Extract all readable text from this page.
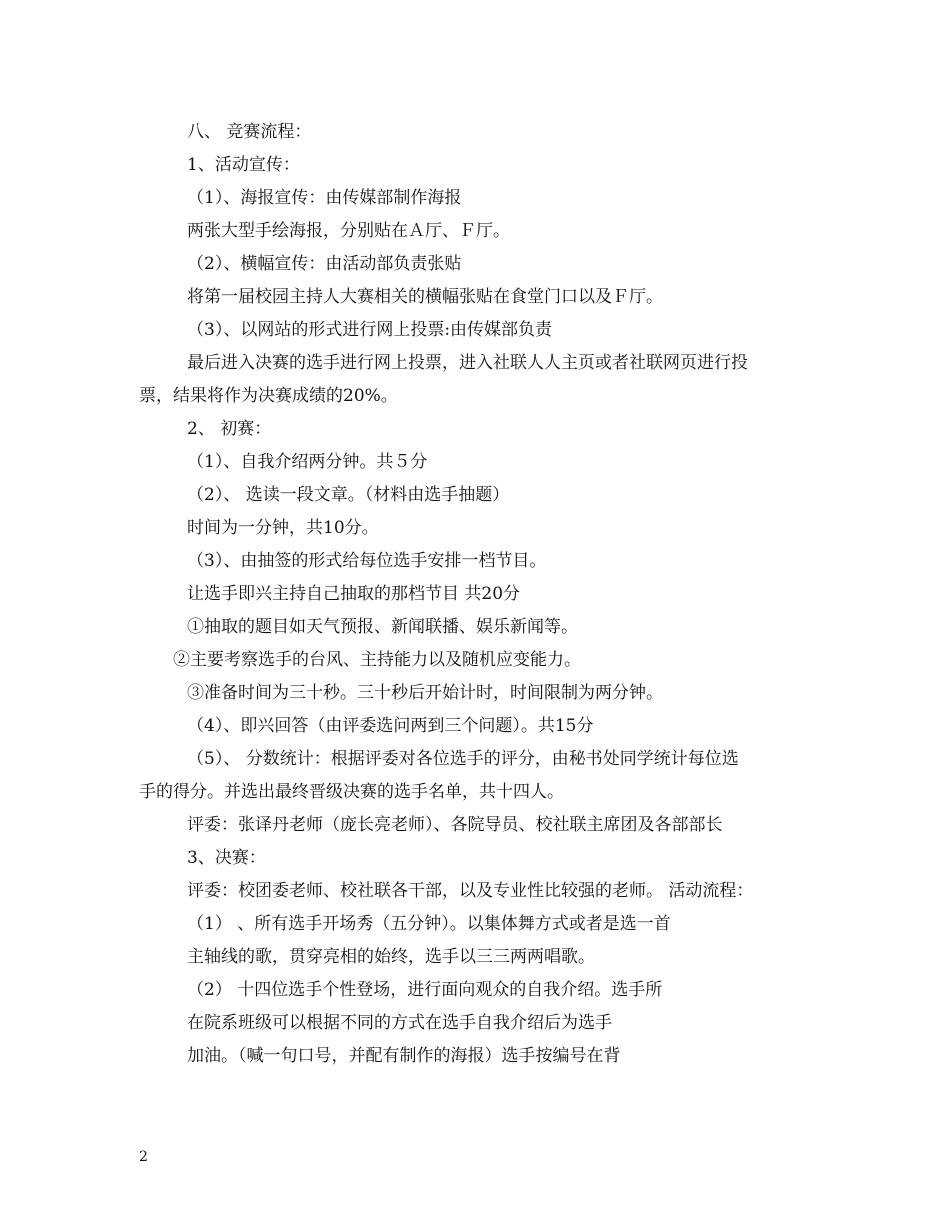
八、 竞赛流程：
1、活动宣传：
（1）、海报宣传：由传媒部制作海报
两张大型手绘海报，分别贴在Ａ厅、Ｆ厅。
（2）、横幅宣传：由活动部负责张贴
将第一届校园主持人大赛相关的横幅张贴在食堂门口以及Ｆ厅。
（3）、以网站的形式进行网上投票:由传媒部负责
最后进入决赛的选手进行网上投票，进入社联人人主页或者社联网页进行投
票，结果将作为决赛成绩的20%。
2、 初赛：
（1）、自我介绍两分钟。共５分
（2）、 选读一段文章。（材料由选手抽题）
时间为一分钟，共10分。
（3）、由抽签的形式给每位选手安排一档节目。
让选手即兴主持自己抽取的那档节目 共20分
①抽取的题目如天气预报、新闻联播、娱乐新闻等。
②主要考察选手的台风、主持能力以及随机应变能力。
③准备时间为三十秒。三十秒后开始计时，时间限制为两分钟。
（4）、即兴回答（由评委选问两到三个问题）。共15分
（5）、 分数统计：根据评委对各位选手的评分，由秘书处同学统计每位选
手的得分。并选出最终晋级决赛的选手名单，共十四人。
评委：张译丹老师（庞长亮老师）、各院导员、校社联主席团及各部部长
3、决赛：
评委：校团委老师、校社联各干部，以及专业性比较强的老师。 活动流程：
（1） 、所有选手开场秀（五分钟）。以集体舞方式或者是选一首
主轴线的歌，贯穿亮相的始终，选手以三三两两唱歌。
（2） 十四位选手个性登场，进行面向观众的自我介绍。选手所
在院系班级可以根据不同的方式在选手自我介绍后为选手
加油。（喊一句口号，并配有制作的海报）选手按编号在背
2
